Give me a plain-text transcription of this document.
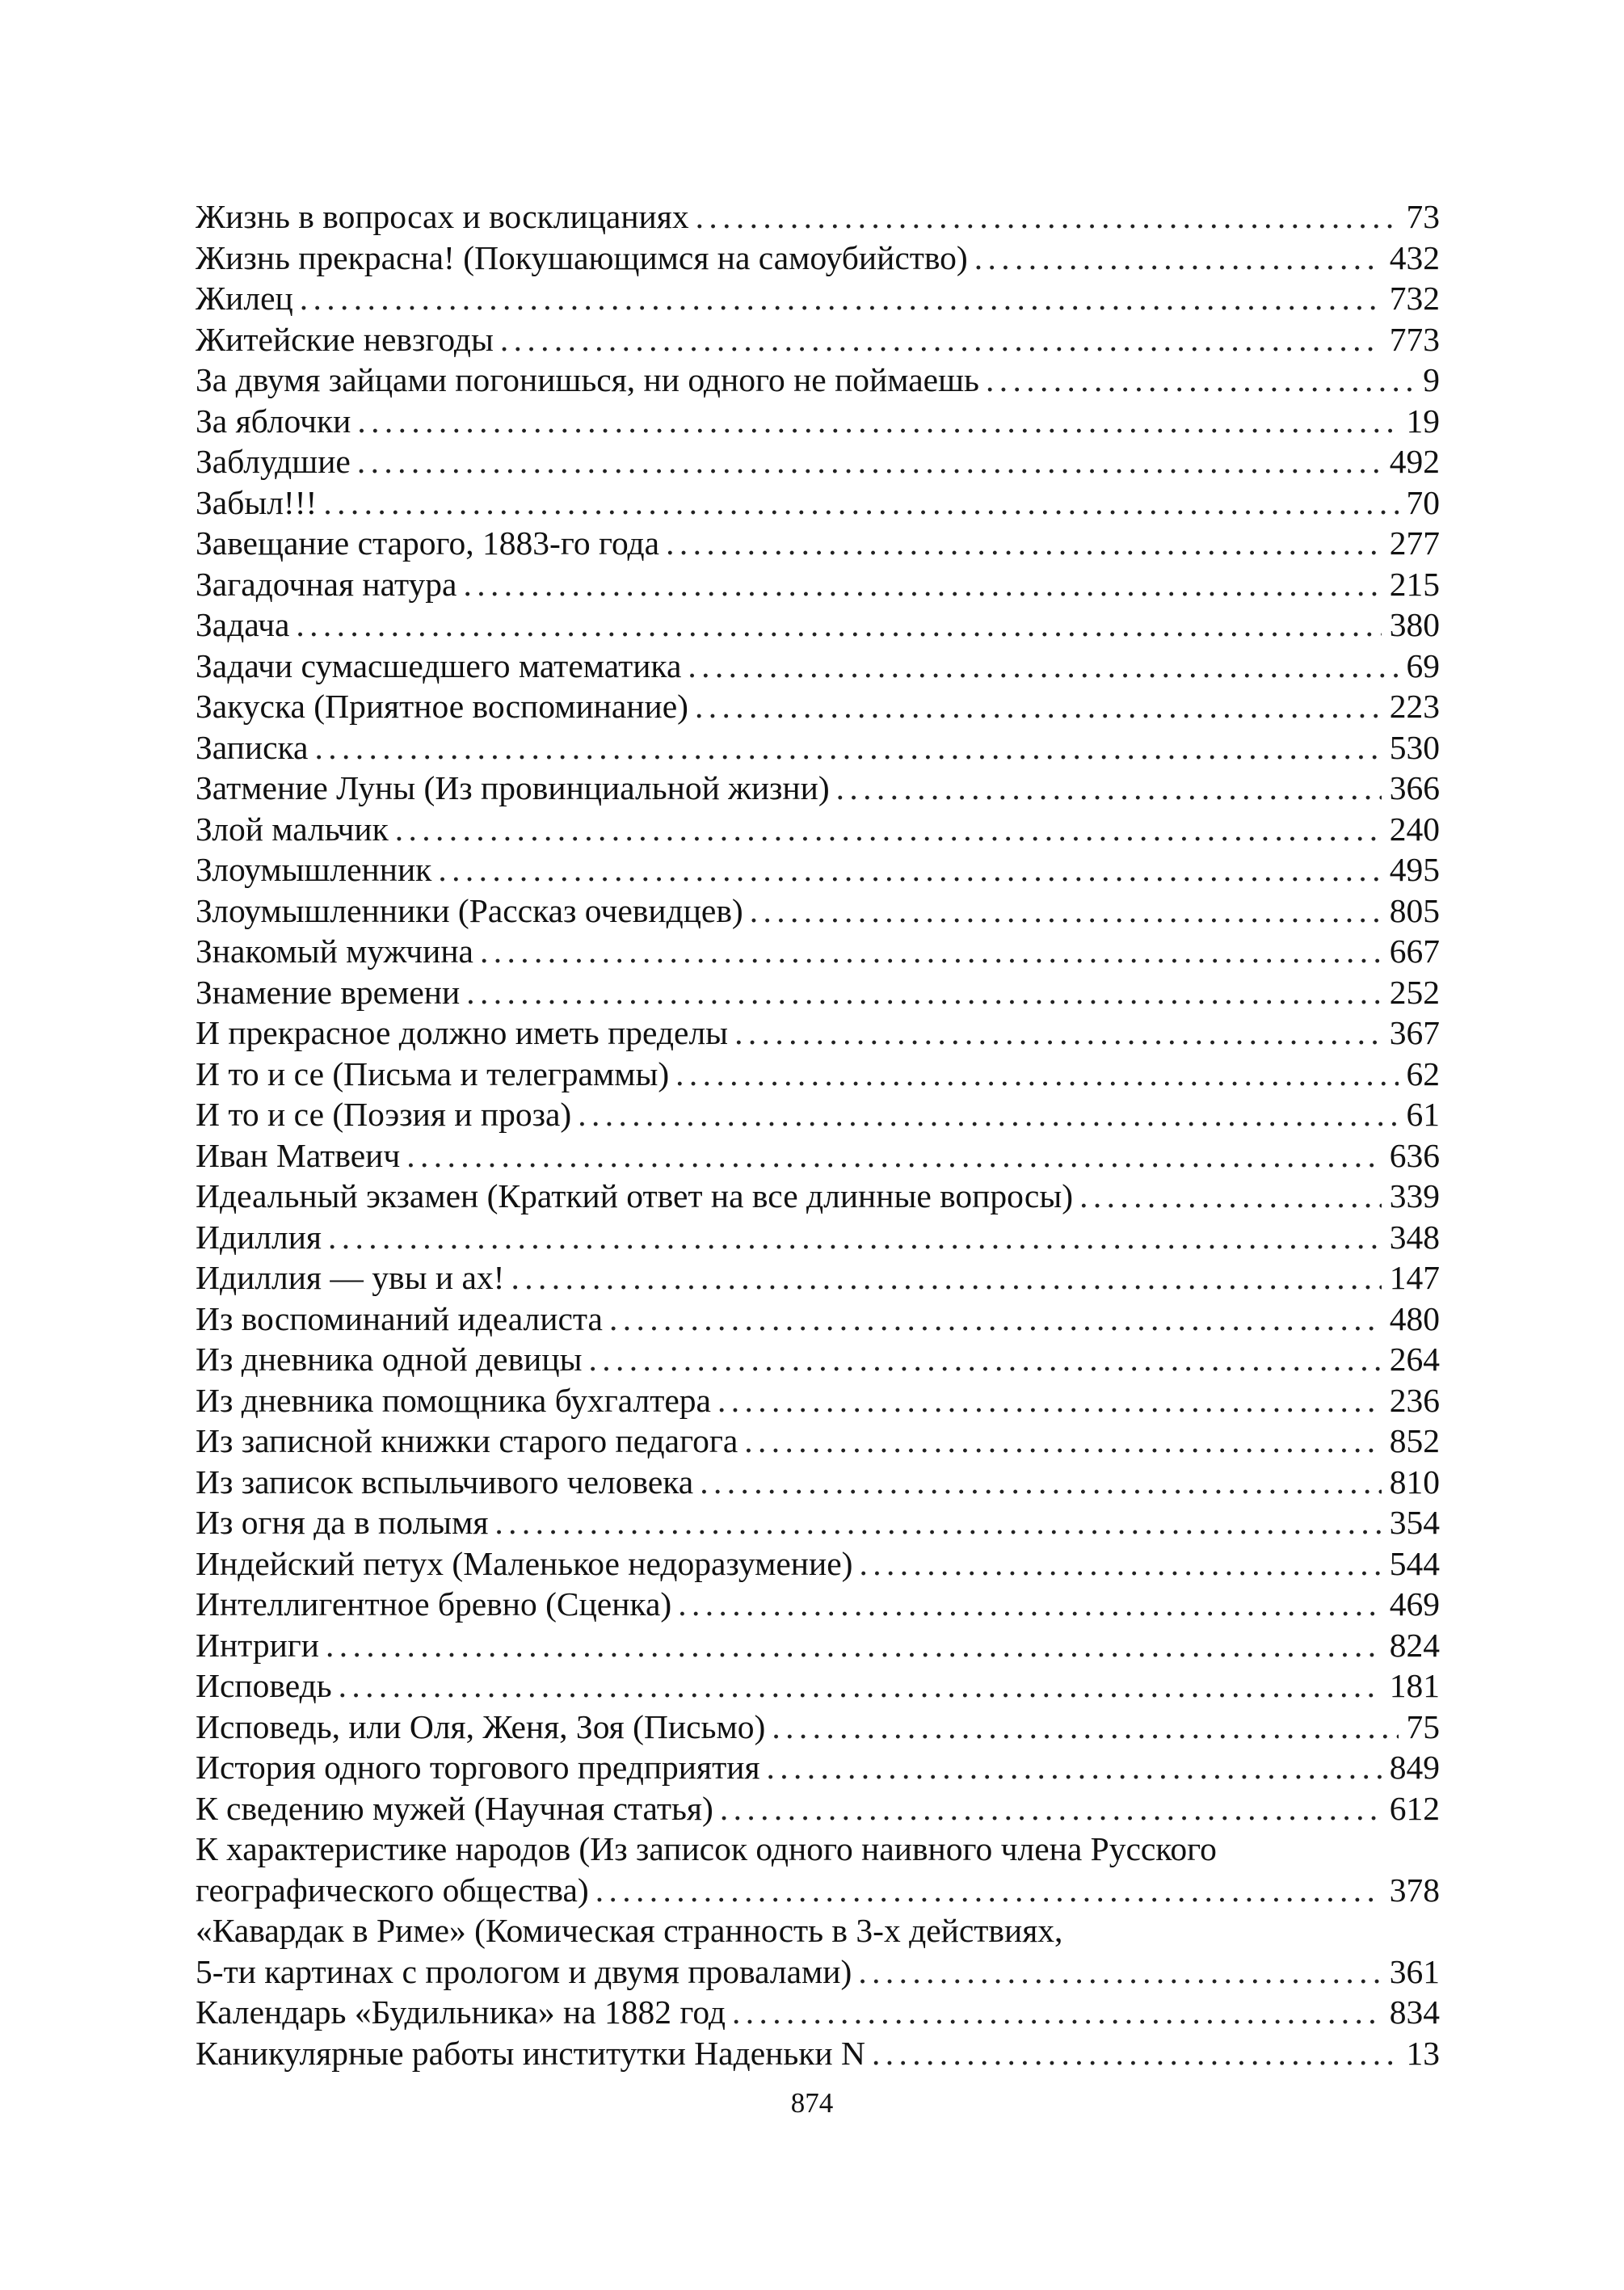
Жизнь в вопросах и восклицаниях . . .	73
Жизнь прекрасна! (Покушающимся на самоубийство) . . .	432
Жилец . . .	732
Житейские невзгоды . . .	773
За двумя зайцами погонишься, ни одного не поймаешь . . .	9
За яблочки . . .	19
Заблудшие . . .	492
Забыл!!! . . .	70
Завещание старого, 1883-го года . . .	277
Загадочная натура . . .	215
Задача . . .	380
Задачи сумасшедшего математика . . .	69
Закуска (Приятное воспоминание) . . .	223
Записка . . .	530
Затмение Луны (Из провинциальной жизни) . . .	366
Злой мальчик . . .	240
Злоумышленник . . .	495
Злоумышленники (Рассказ очевидцев) . . .	805
Знакомый мужчина . . .	667
Знамение времени . . .	252
И прекрасное должно иметь пределы . . .	367
И то и се (Письма и телеграммы) . . .	62
И то и се (Поэзия и проза) . . .	61
Иван Матвеич . . .	636
Идеальный экзамен (Краткий ответ на все длинные вопросы) . . .	339
Идиллия . . .	348
Идиллия — увы и ах! . . .	147
Из воспоминаний идеалиста . . .	480
Из дневника одной девицы . . .	264
Из дневника помощника бухгалтера . . .	236
Из записной книжки старого педагога . . .	852
Из записок вспыльчивого человека . . .	810
Из огня да в полымя . . .	354
Индейский петух (Маленькое недоразумение) . . .	544
Интеллигентное бревно (Сценка) . . .	469
Интриги . . .	824
Исповедь . . .	181
Исповедь, или Оля, Женя, Зоя (Письмо) . . .	75
История одного торгового предприятия . . .	849
К сведению мужей (Научная статья) . . .	612
К характеристике народов (Из записок одного наивного члена Русского
географического общества) . . .	378
«Кавардак в Риме» (Комическая странность в 3-х действиях,
5-ти картинах с прологом и двумя провалами) . . .	361
Календарь «Будильника» на 1882 год . . .	834
Каникулярные работы институтки Наденьки N . . .	13
874
